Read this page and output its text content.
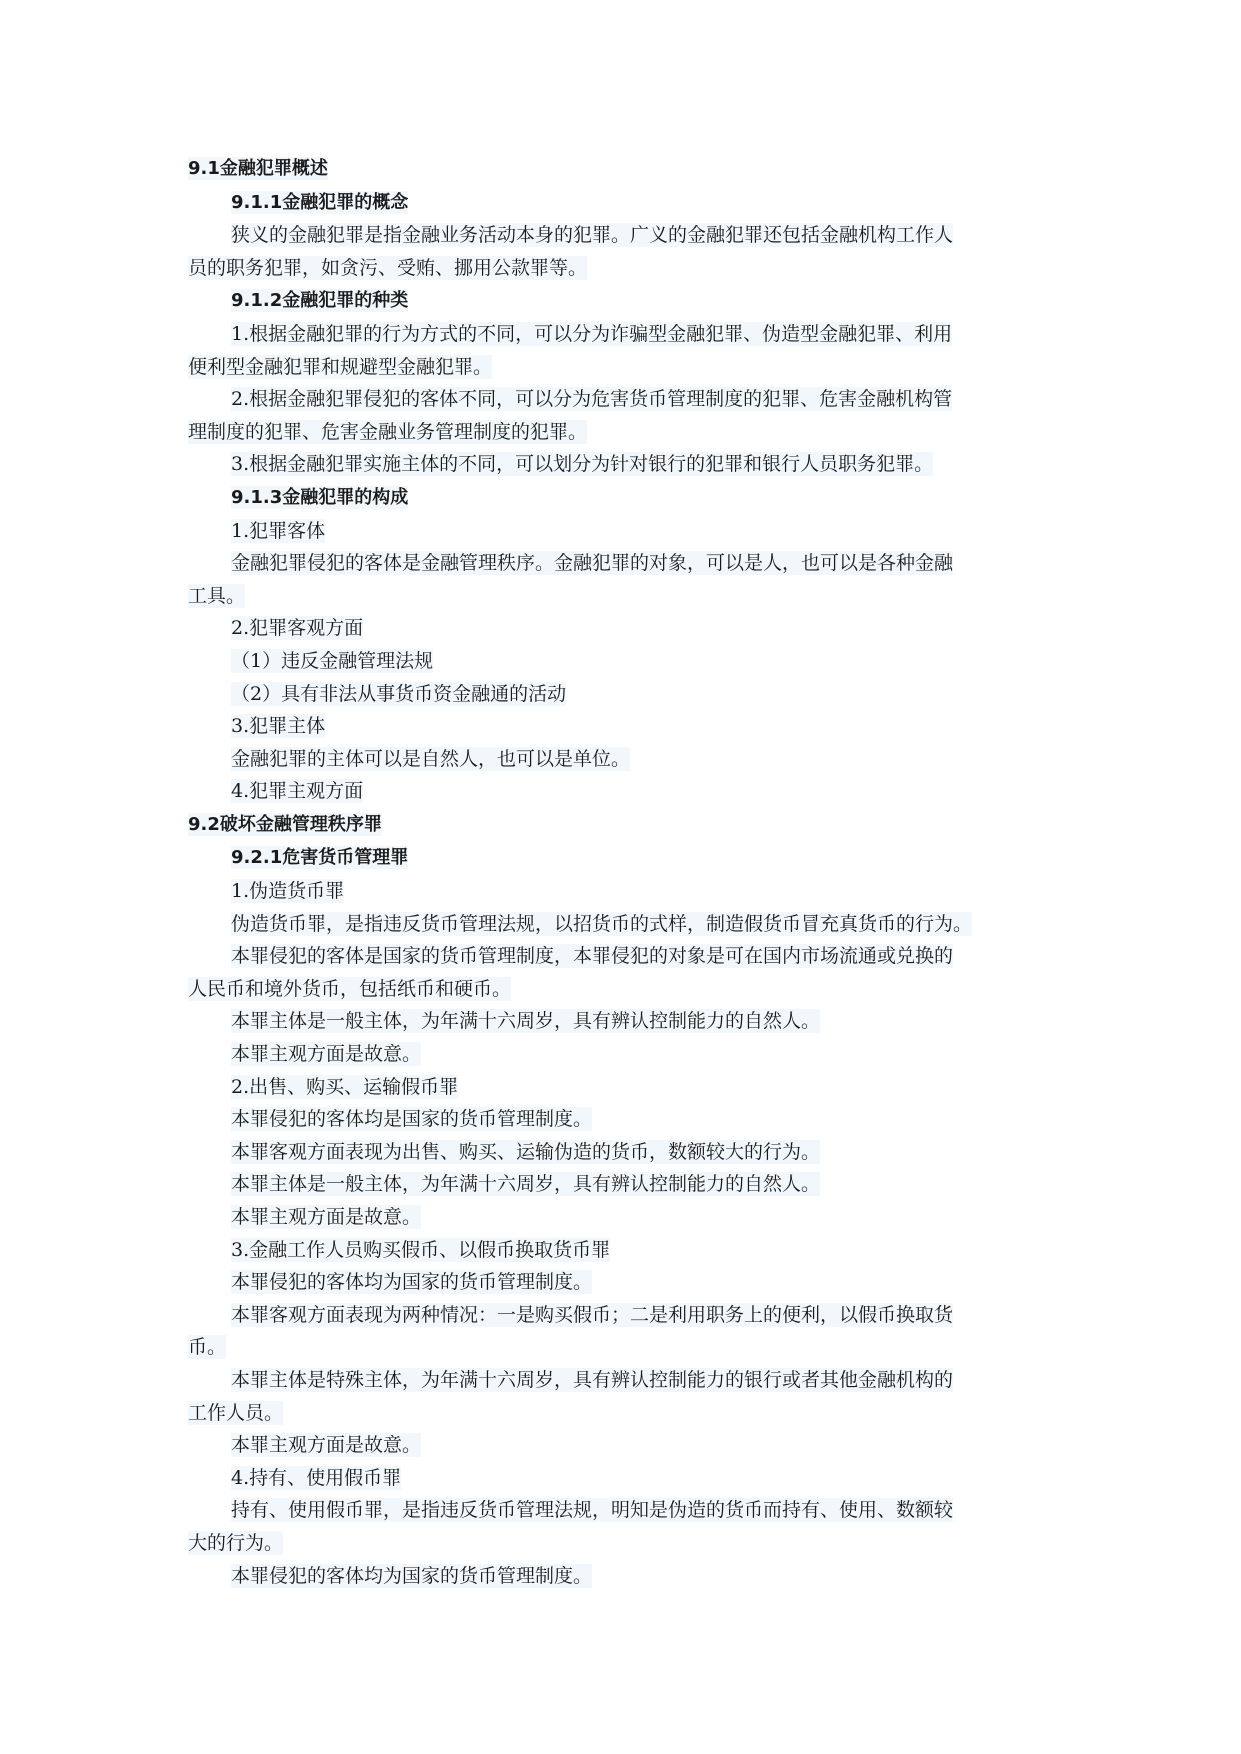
9.1金融犯罪概述
9.1.1金融犯罪的概念
狭义的金融犯罪是指金融业务活动本身的犯罪。广义的金融犯罪还包括金融机构工作人
员的职务犯罪，如贪污、受贿、挪用公款罪等。
9.1.2金融犯罪的种类
1.根据金融犯罪的行为方式的不同，可以分为诈骗型金融犯罪、伪造型金融犯罪、利用
便利型金融犯罪和规避型金融犯罪。
2.根据金融犯罪侵犯的客体不同，可以分为危害货币管理制度的犯罪、危害金融机构管
理制度的犯罪、危害金融业务管理制度的犯罪。
3.根据金融犯罪实施主体的不同，可以划分为针对银行的犯罪和银行人员职务犯罪。
9.1.3金融犯罪的构成
1.犯罪客体
金融犯罪侵犯的客体是金融管理秩序。金融犯罪的对象，可以是人，也可以是各种金融
工具。
2.犯罪客观方面
（1）违反金融管理法规
（2）具有非法从事货币资金融通的活动
3.犯罪主体
金融犯罪的主体可以是自然人，也可以是单位。
4.犯罪主观方面
9.2破坏金融管理秩序罪
9.2.1危害货币管理罪
1.伪造货币罪
伪造货币罪，是指违反货币管理法规，以招货币的式样，制造假货币冒充真货币的行为。
本罪侵犯的客体是国家的货币管理制度，本罪侵犯的对象是可在国内市场流通或兑换的
人民币和境外货币，包括纸币和硬币。
本罪主体是一般主体，为年满十六周岁，具有辨认控制能力的自然人。
本罪主观方面是故意。
2.出售、购买、运输假币罪
本罪侵犯的客体均是国家的货币管理制度。
本罪客观方面表现为出售、购买、运输伪造的货币，数额较大的行为。
本罪主体是一般主体，为年满十六周岁，具有辨认控制能力的自然人。
本罪主观方面是故意。
3.金融工作人员购买假币、以假币换取货币罪
本罪侵犯的客体均为国家的货币管理制度。
本罪客观方面表现为两种情况：一是购买假币；二是利用职务上的便利，以假币换取货
币。
本罪主体是特殊主体，为年满十六周岁，具有辨认控制能力的银行或者其他金融机构的
工作人员。
本罪主观方面是故意。
4.持有、使用假币罪
持有、使用假币罪，是指违反货币管理法规，明知是伪造的货币而持有、使用、数额较
大的行为。
本罪侵犯的客体均为国家的货币管理制度。
